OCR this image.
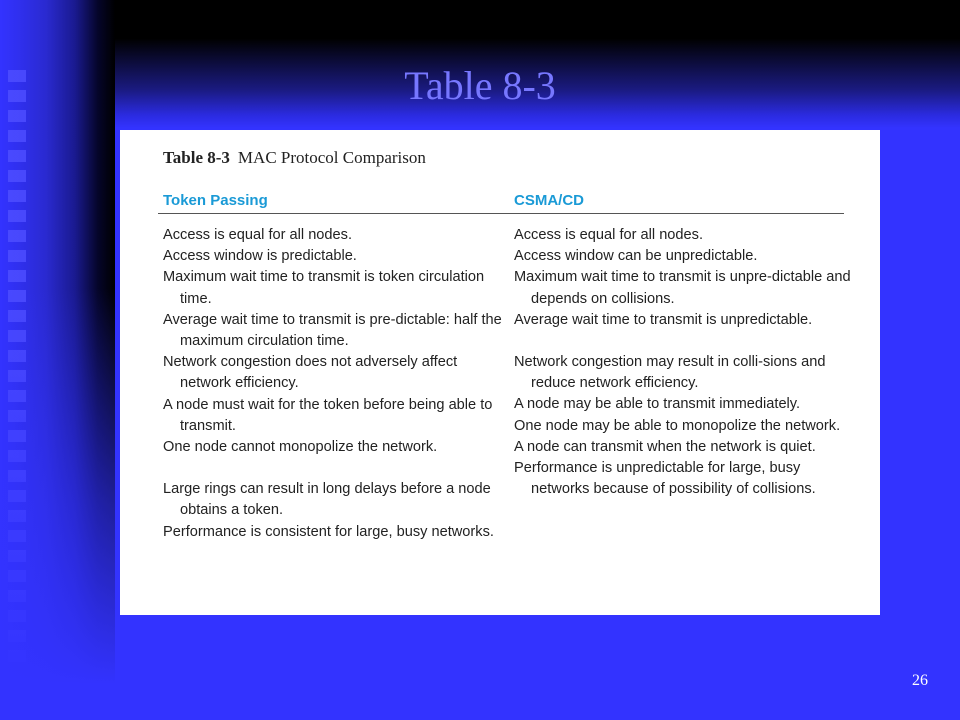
Table 8-3
Table 8-3 MAC Protocol Comparison
Token Passing	CSMA/CD

Access is equal for all nodes.

Access window is predictable.

Maximum wait time to transmit is token circulation time.

Average wait time to transmit is pre-dictable: half the maximum circulation time.

Network congestion does not adversely affect network efficiency.

A node must wait for the token before being able to transmit.

One node cannot monopolize the network.

Large rings can result in long delays before a node obtains a token.

Performance is consistent for large, busy networks.

Access is equal for all nodes.

Access window can be unpredictable.

Maximum wait time to transmit is unpre-dictable and depends on collisions.

Average wait time to transmit is unpredictable.

Network congestion may result in colli-sions and reduce network efficiency.

A node may be able to transmit immediately.

One node may be able to monopolize the network.

A node can transmit when the network is quiet.

Performance is unpredictable for large, busy networks because of possibility of collisions.

26
